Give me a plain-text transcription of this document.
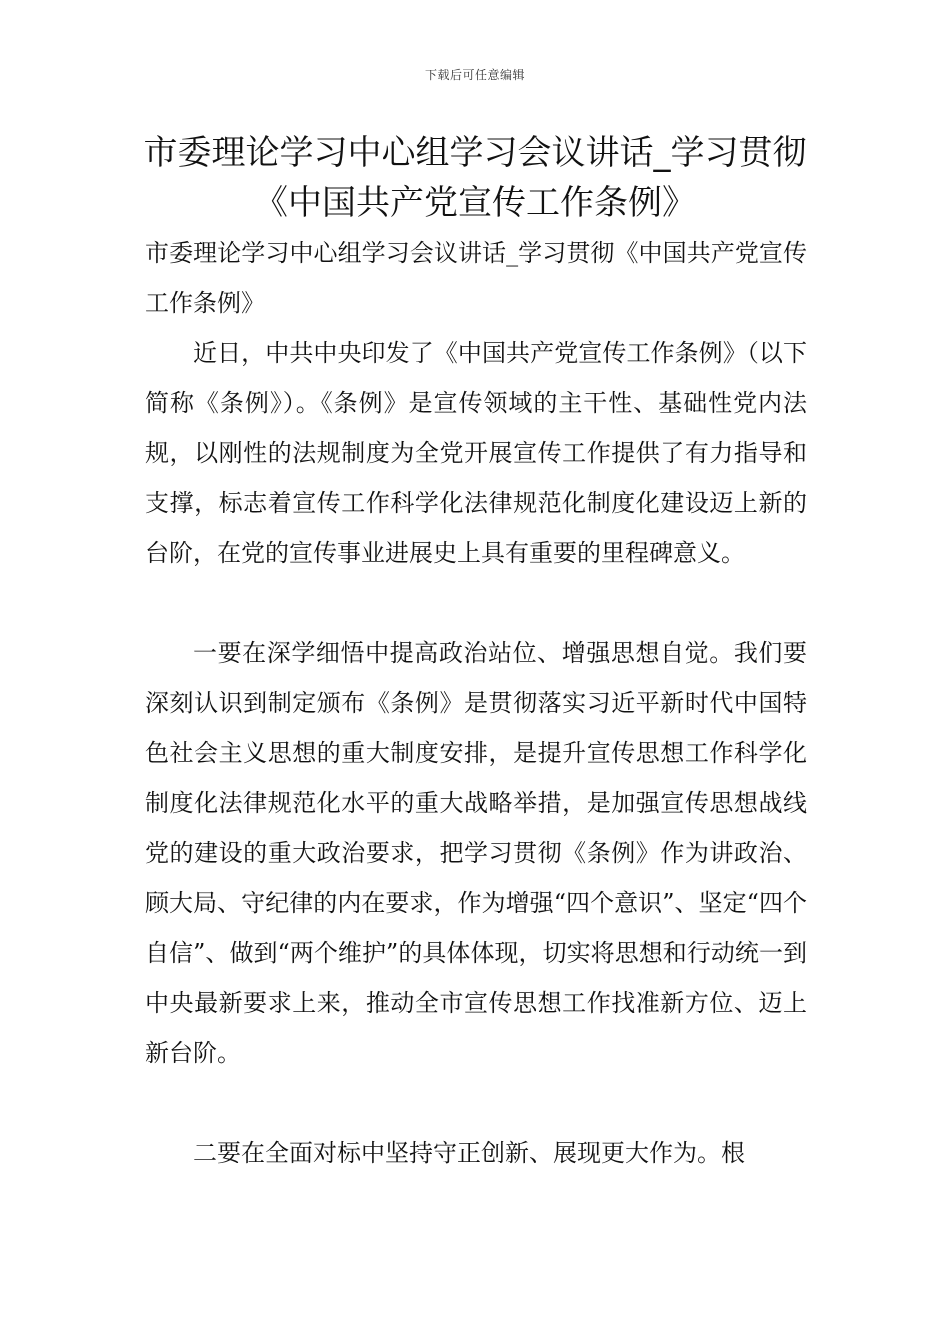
下载后可任意编辑
市委理论学习中心组学习会议讲话_学习贯彻《中国共产党宣传工作条例》

市委理论学习中心组学习会议讲话_学习贯彻《中国共产党宣传工作条例》

近日，中共中央印发了《中国共产党宣传工作条例》（以下简称《条例》）。《条例》是宣传领域的主干性、基础性党内法规，以刚性的法规制度为全党开展宣传工作提供了有力指导和支撑，标志着宣传工作科学化法律规范化制度化建设迈上新的台阶，在党的宣传事业进展史上具有重要的里程碑意义。

一要在深学细悟中提高政治站位、增强思想自觉。我们要深刻认识到制定颁布《条例》是贯彻落实习近平新时代中国特色社会主义思想的重大制度安排，是提升宣传思想工作科学化制度化法律规范化水平的重大战略举措，是加强宣传思想战线党的建设的重大政治要求，把学习贯彻《条例》作为讲政治、顾大局、守纪律的内在要求，作为增强“四个意识”、坚定“四个自信”、做到“两个维护”的具体体现，切实将思想和行动统一到中央最新要求上来，推动全市宣传思想工作找准新方位、迈上新台阶。

二要在全面对标中坚持守正创新、展现更大作为。根
